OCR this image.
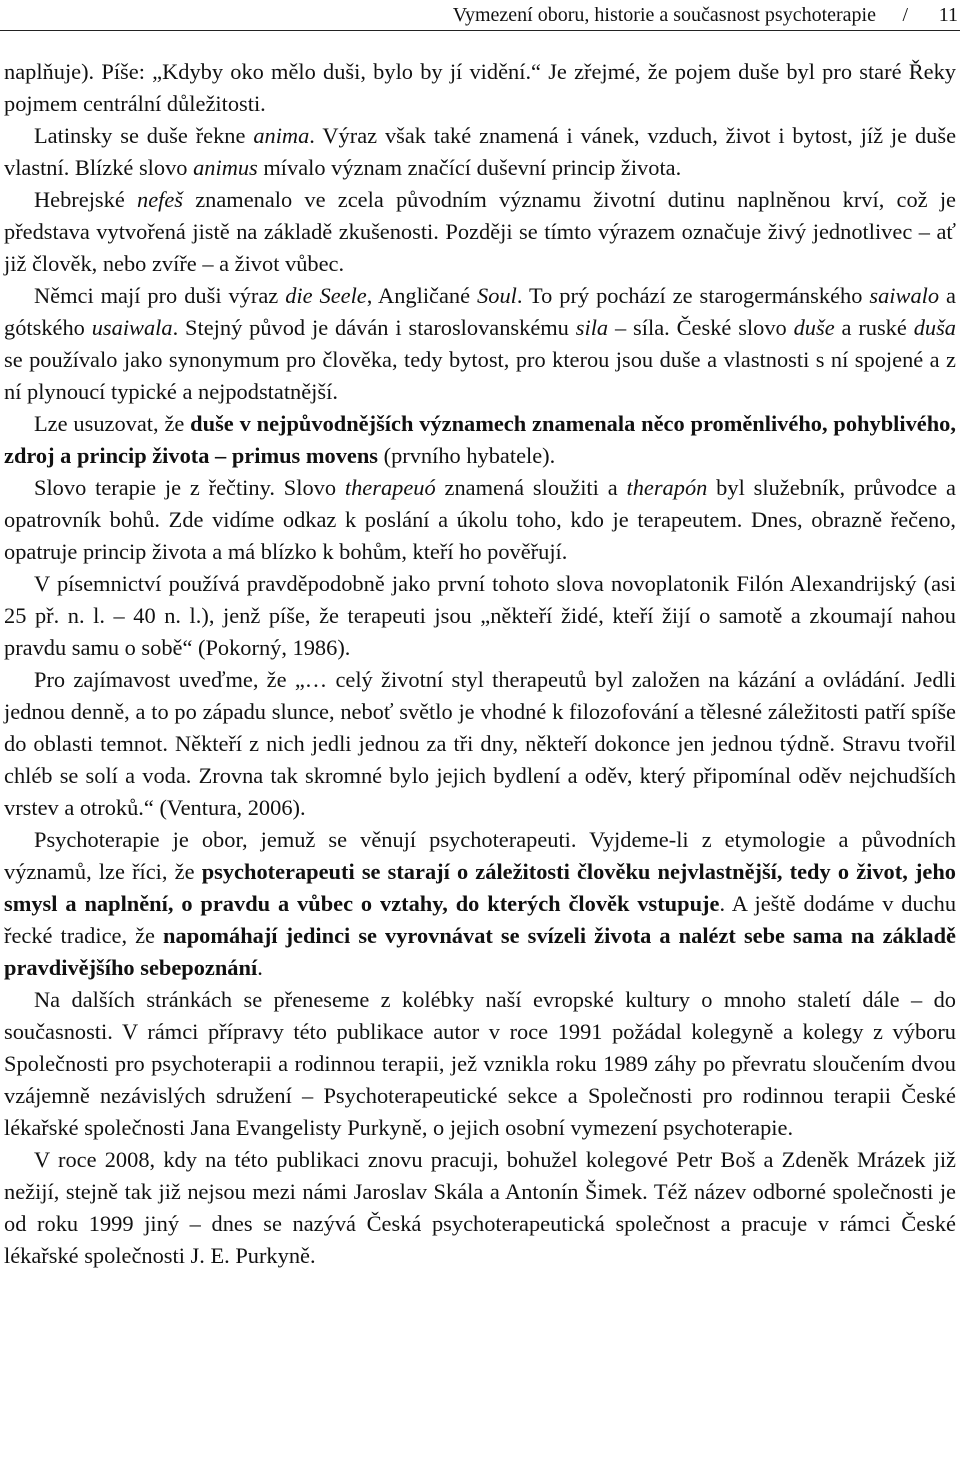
Vymezení oboru, historie a současnost psychoterapie / 11

naplňuje). Píše: „Kdyby oko mělo duši, bylo by jí vidění.“ Je zřejmé, že pojem duše byl pro staré Řeky pojmem centrální důležitosti.

Latinsky se duše řekne anima. Výraz však také znamená i vánek, vzduch, život i bytost, jíž je duše vlastní. Blízké slovo animus mívalo význam značící duševní princip života.

Hebrejské nefeš znamenalo ve zcela původním významu životní dutinu naplněnou krví, což je představa vytvořená jistě na základě zkušenosti. Později se tímto výrazem označuje živý jednotlivec – ať již člověk, nebo zvíře – a život vůbec.

Němci mají pro duši výraz die Seele, Angličané Soul. To prý pochází ze starogermánského saiwalo a gótského usaiwala. Stejný původ je dáván i staroslovanskému sila – síla. České slovo duše a ruské duša se používalo jako synonymum pro člověka, tedy bytost, pro kterou jsou duše a vlastnosti s ní spojené a z ní plynoucí typické a nejpodstatnější.

Lze usuzovat, že duše v nejpůvodnějších významech znamenala něco proměnlivého, pohyblivého, zdroj a princip života – primus movens (prvního hybatele).

Slovo terapie je z řečtiny. Slovo therapeuó znamená sloužiti a therapón byl služebník, průvodce a opatrovník bohů. Zde vidíme odkaz k poslání a úkolu toho, kdo je terapeutem. Dnes, obrazně řečeno, opatruje princip života a má blízko k bohům, kteří ho pověřují.

V písemnictví používá pravděpodobně jako první tohoto slova novoplatonik Filón Alexandrijský (asi 25 př. n. l. – 40 n. l.), jenž píše, že terapeuti jsou „někteří židé, kteří žijí o samotě a zkoumají nahou pravdu samu o sobě“ (Pokorný, 1986).

Pro zajímavost uveďme, že „… celý životní styl therapeutů byl založen na kázání a ovládání. Jedli jednou denně, a to po západu slunce, neboť světlo je vhodné k filozofování a tělesné záležitosti patří spíše do oblasti temnot. Někteří z nich jedli jednou za tři dny, někteří dokonce jen jednou týdně. Stravu tvořil chléb se solí a voda. Zrovna tak skromné bylo jejich bydlení a oděv, který připomínal oděv nejchudších vrstev a otroků.“ (Ventura, 2006).

Psychoterapie je obor, jemuž se věnují psychoterapeuti. Vyjdeme-li z etymologie a původních významů, lze říci, že psychoterapeuti se starají o záležitosti člověku nejvlastnější, tedy o život, jeho smysl a naplnění, o pravdu a vůbec o vztahy, do kterých člověk vstupuje. A ještě dodáme v duchu řecké tradice, že napomáhají jedinci se vyrovnávat se svízeli života a nalézt sebe sama na základě pravdivějšího sebepoznání.

Na dalších stránkách se přeneseme z kolébky naší evropské kultury o mnoho staletí dále – do současnosti. V rámci přípravy této publikace autor v roce 1991 požádal kolegyně a kolegy z výboru Společnosti pro psychoterapii a rodinnou terapii, jež vznikla roku 1989 záhy po převratu sloučením dvou vzájemně nezávislých sdružení – Psychoterapeutické sekce a Společnosti pro rodinnou terapii České lékařské společnosti Jana Evangelisty Purkyně, o jejich osobní vymezení psychoterapie.

V roce 2008, kdy na této publikaci znovu pracuji, bohužel kolegové Petr Boš a Zdeněk Mrázek již nežijí, stejně tak již nejsou mezi námi Jaroslav Skála a Antonín Šimek. Též název odborné společnosti je od roku 1999 jiný – dnes se nazývá Česká psychoterapeutická společnost a pracuje v rámci České lékařské společnosti J. E. Purkyně.
